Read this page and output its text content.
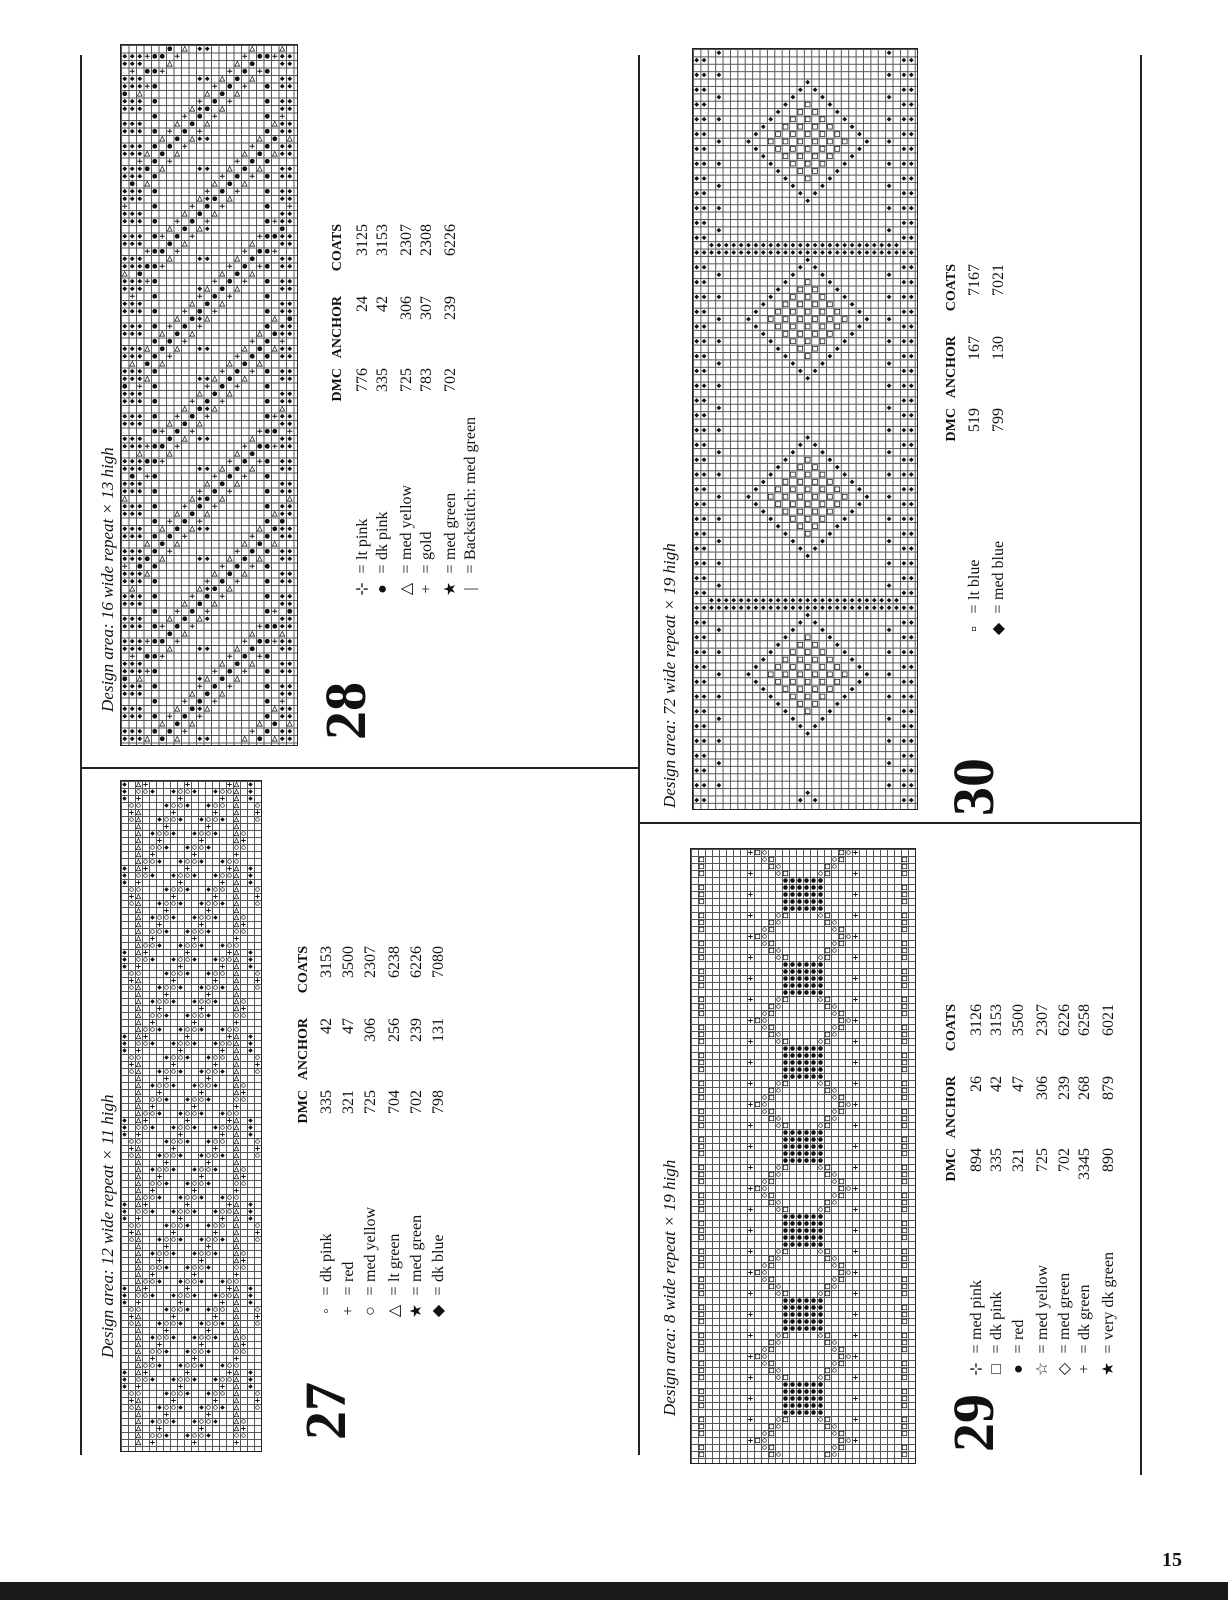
Design area: 16 wide repeat × 13 high	28
DMC
ANCHOR
COATS
⊹
=
lt pink
776
24
3125
●
=
dk pink
335
42
3153
△
=
med yellow
725
306
2307
+
=
gold
783
307
2308
★
=
med green
702
239
6226
|
=
Backstitch: med green
Design area: 12 wide repeat × 11 high
27
DMC
ANCHOR
COATS
◦
=
dk pink
335
42
3153
+
=
red
321
47
3500
○
=
med yellow
725
306
2307
△
=
lt green
704
256
6238
★
=
med green
702
239
6226
◆
=
dk blue
798
131
7080
Design area: 72 wide repeat × 19 high	30
DMC
ANCHOR
COATS
▫
=
lt blue
519
167
7167
◆
=
med blue
799
130
7021
Design area: 8 wide repeat × 19 high
29
DMC
ANCHOR
COATS
⊹
=
med pink
894
26
3126
□
=
dk pink
335
42
3153
●
=
red
321
47
3500
☆
=
med yellow
725
306
2307
◇
=
med green
702
239
6226
+
=
dk green
3345
268
6258
★
=
very dk green
890
879
6021
15
